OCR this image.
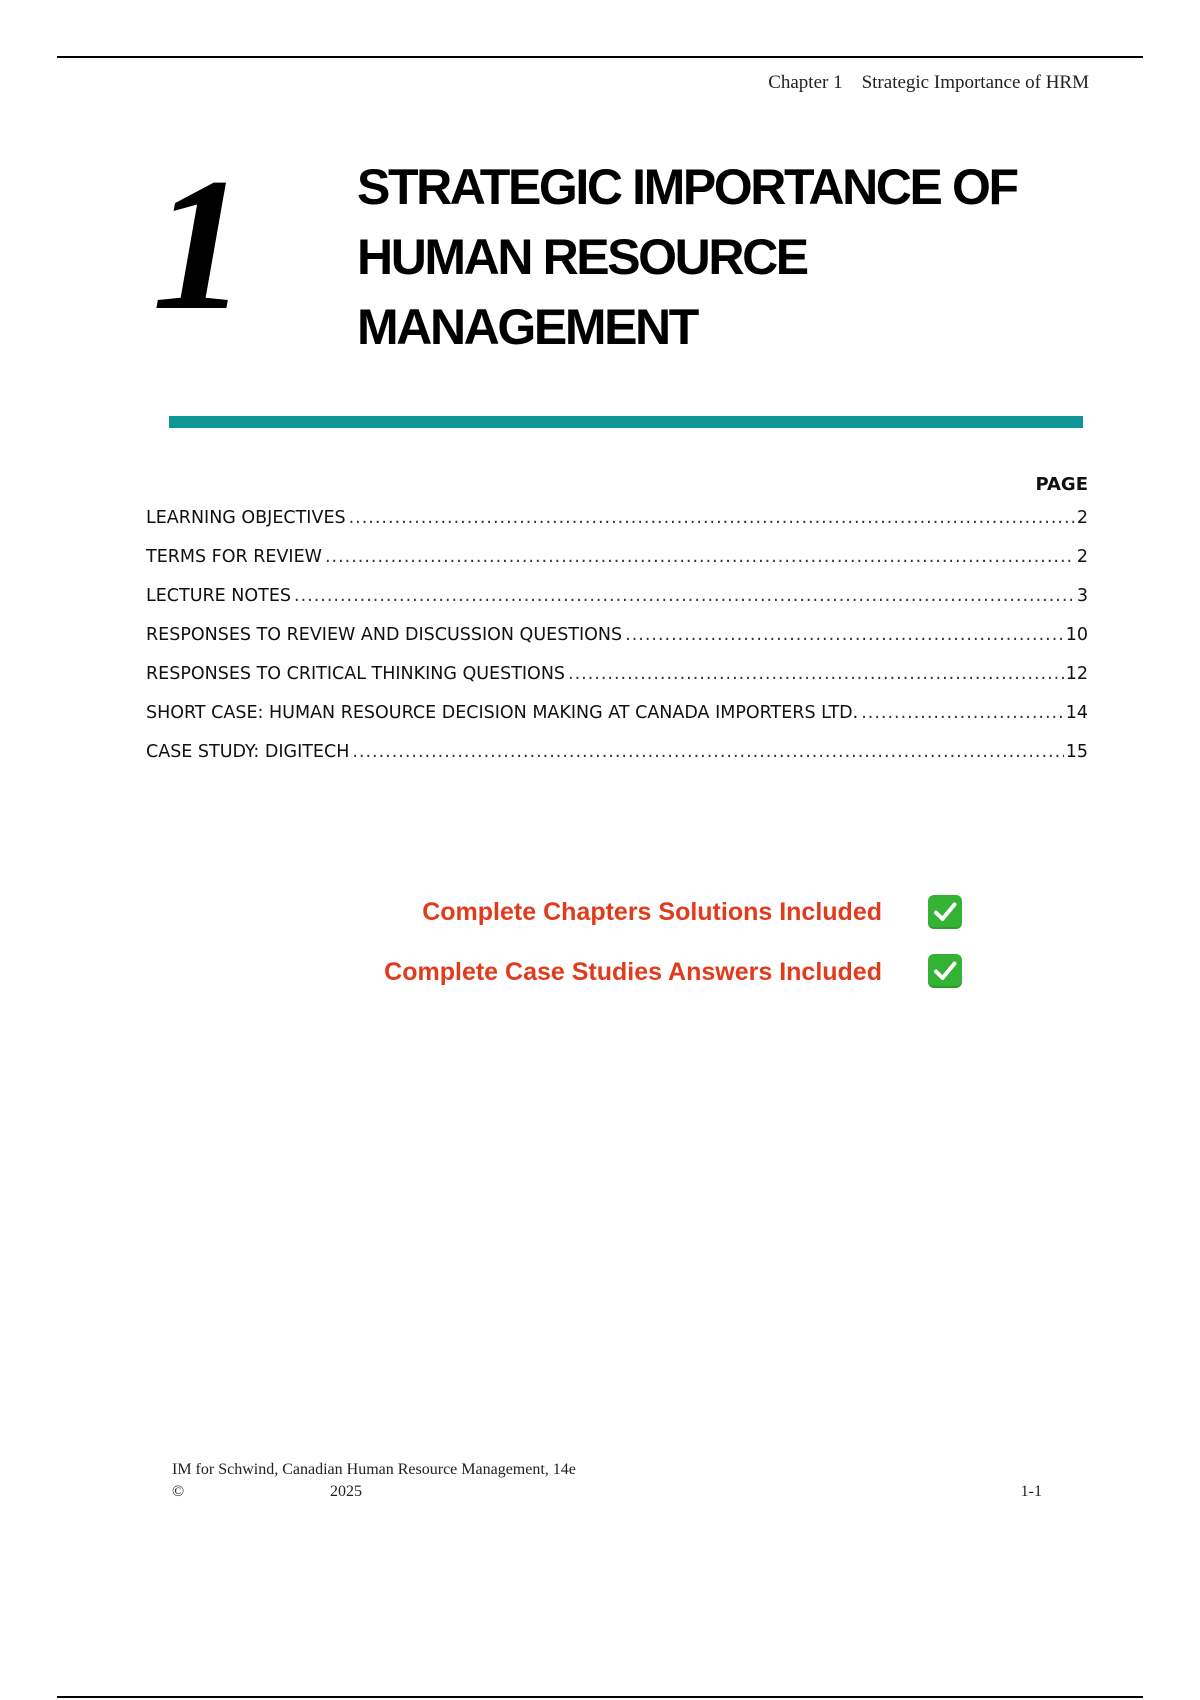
Chapter 1    Strategic Importance of HRM
1	STRATEGIC IMPORTANCE OF
HUMAN RESOURCE
MANAGEMENT
PAGE
LEARNING OBJECTIVES .....	2
TERMS FOR REVIEW .....	2
LECTURE NOTES .....	3
RESPONSES TO REVIEW AND DISCUSSION QUESTIONS .....	10
RESPONSES TO CRITICAL THINKING QUESTIONS .....	12
SHORT CASE: HUMAN RESOURCE DECISION MAKING AT CANADA IMPORTERS LTD. .....	14
CASE STUDY: DIGITECH .....	15
Complete Chapters Solutions Included
Complete Case Studies Answers Included
IM for Schwind, Canadian Human Resource Management, 14e
©	2025	1-1
